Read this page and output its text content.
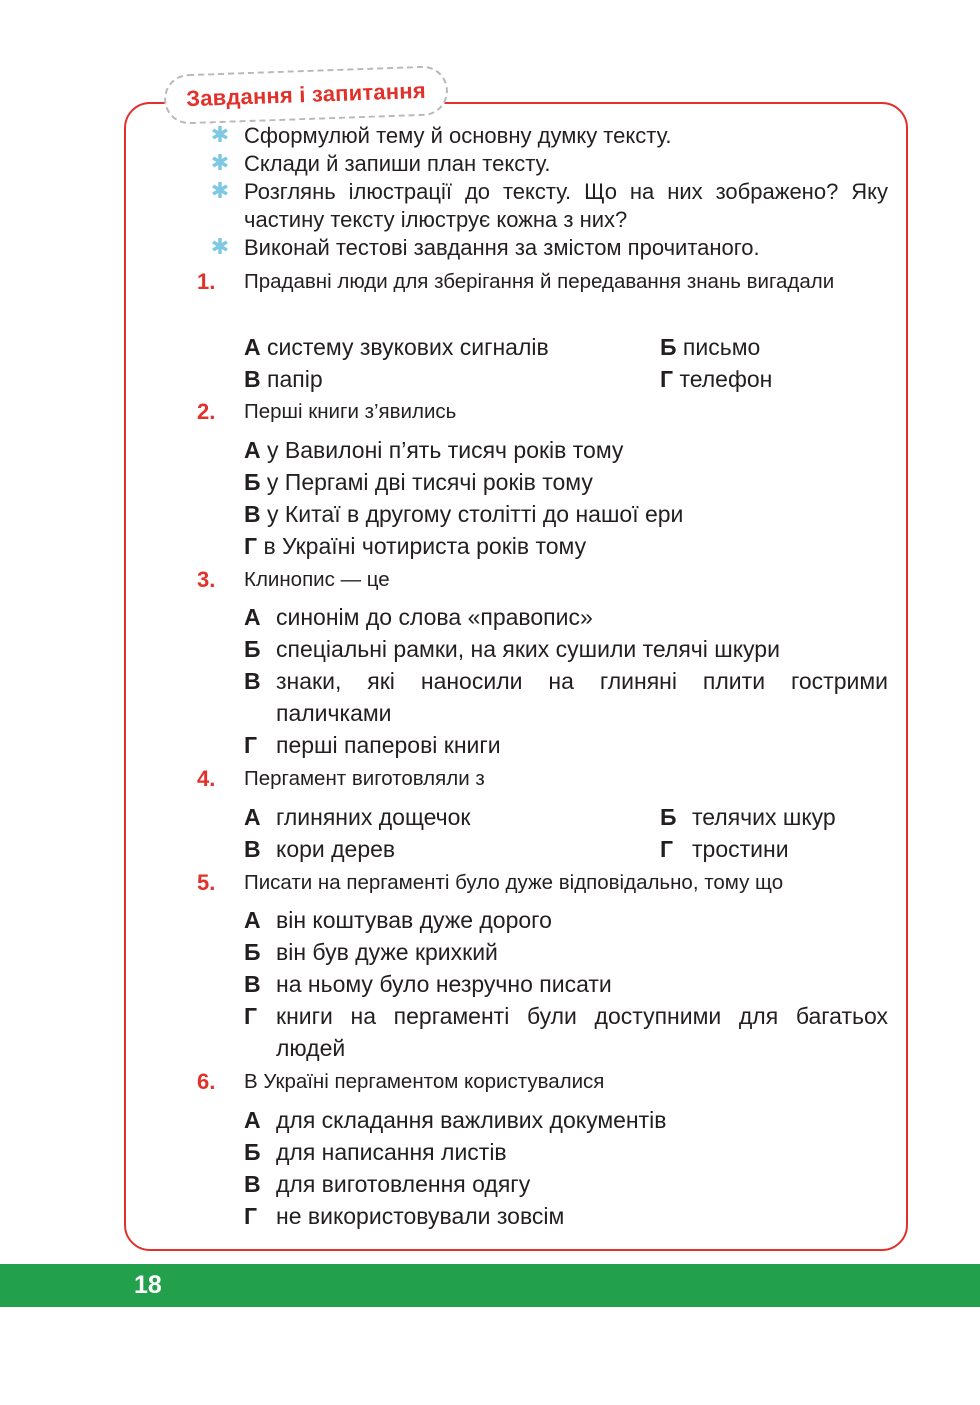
Завдання і запитання
✱ Сформулюй тему й основну думку тексту.
✱ Склади й запиши план тексту.
✱ Розглянь ілюстрації до тексту. Що на них зображено? Яку частину тексту ілюструє кожна з них?
✱ Виконай тестові завдання за змістом прочитаного.
1.	Прадавні люди для зберігання й передавання знань вигадали
А систему звукових сигналів	Б письмо
В папір	Г телефон
2.	Перші книги з’явились
А у Вавилоні п’ять тисяч років тому
Б у Пергамі дві тисячі років тому
В у Китаї в другому столітті до нашої ери
Г в Україні чотириста років тому
3.	Клинопис — це
А синонім до слова «правопис»
Б спеціальні рамки, на яких сушили телячі шкури
В знаки, які наносили на глиняні плити гострими паличками
Г перші паперові книги
4.	Пергамент виготовляли з
А глиняних дощечок	Б телячих шкур
В кори дерев	Г тростини
5.	Писати на пергаменті було дуже відповідально, тому що
А він коштував дуже дорого
Б він був дуже крихкий
В на ньому було незручно писати
Г книги на пергаменті були доступними для багатьох людей
6.	В Україні пергаментом користувалися
А для складання важливих документів
Б для написання листів
В для виготовлення одягу
Г не використовували зовсім
18
